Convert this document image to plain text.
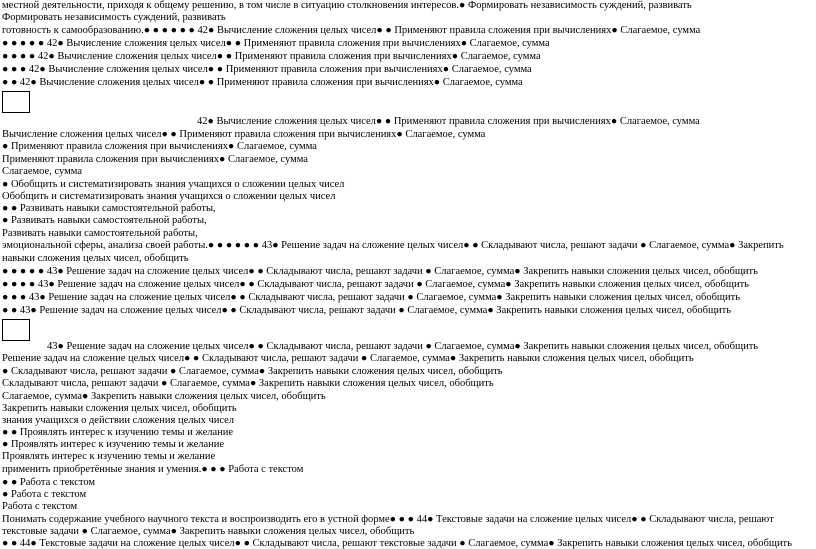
местной деятельности, приходя к общему решению, в том числе в ситуацию столкновения интересов.● Формировать независимость суждений, развивать
Формировать независимость суждений, развивать
готовность к самообразованию.● ● ● ● ● ● 42● Вычисление сложения целых чисел● ● Применяют правила сложения при вычислениях● Слагаемое, сумма
● ● ● ● ● 42● Вычисление сложения целых чисел● ● Применяют правила сложения при вычислениях● Слагаемое, сумма
● ● ● ● 42● Вычисление сложения целых чисел● ● Применяют правила сложения при вычислениях● Слагаемое, сумма
● ● ● 42● Вычисление сложения целых чисел● ● Применяют правила сложения при вычислениях● Слагаемое, сумма
● ● 42● Вычисление сложения целых чисел● ● Применяют правила сложения при вычислениях● Слагаемое, сумма
42● Вычисление сложения целых чисел● ● Применяют правила сложения при вычислениях● Слагаемое, сумма
Вычисление сложения целых чисел● ● Применяют правила сложения при вычислениях● Слагаемое, сумма
● Применяют правила сложения при вычислениях● Слагаемое, сумма
Применяют правила сложения при вычислениях● Слагаемое, сумма
Слагаемое, сумма
● Обобщить и систематизировать знания учащихся о сложении целых чисел
Обобщить и систематизировать знания учащихся о сложении целых чисел
● ● Развивать навыки самостоятельной работы,
● Развивать навыки самостоятельной работы,
Развивать навыки самостоятельной работы,
эмоциональной сферы, анализа своей работы.● ● ● ● ● ● 43● Решение задач на сложение целых чисел● ● Складывают числа, решают задачи ● Слагаемое, сумма● Закрепить
навыки сложения целых чисел, обобщить
● ● ● ● ● 43● Решение задач на сложение целых чисел● ● Складывают числа, решают задачи ● Слагаемое, сумма● Закрепить навыки сложения целых чисел, обобщить
● ● ● ● 43● Решение задач на сложение целых чисел● ● Складывают числа, решают задачи ● Слагаемое, сумма● Закрепить навыки сложения целых чисел, обобщить
● ● ● 43● Решение задач на сложение целых чисел● ● Складывают числа, решают задачи ● Слагаемое, сумма● Закрепить навыки сложения целых чисел, обобщить
● ● 43● Решение задач на сложение целых чисел● ● Складывают числа, решают задачи ● Слагаемое, сумма● Закрепить навыки сложения целых чисел, обобщить
43● Решение задач на сложение целых чисел● ● Складывают числа, решают задачи ● Слагаемое, сумма● Закрепить навыки сложения целых чисел, обобщить
Решение задач на сложение целых чисел● ● Складывают числа, решают задачи ● Слагаемое, сумма● Закрепить навыки сложения целых чисел, обобщить
● Складывают числа, решают задачи ● Слагаемое, сумма● Закрепить навыки сложения целых чисел, обобщить
Складывают числа, решают задачи ● Слагаемое, сумма● Закрепить навыки сложения целых чисел, обобщить
Слагаемое, сумма● Закрепить навыки сложения целых чисел, обобщить
Закрепить навыки сложения целых чисел, обобщить
знания учащихся о действии сложения целых чисел
● ● Проявлять интерес к изучению темы и желание
● Проявлять интерес к изучению темы и желание
Проявлять интерес к изучению темы и желание
применить приобретённые знания и умения.● ● ● Работа с текстом
● ● Работа с текстом
● Работа с текстом
Работа с текстом
Понимать содержание учебного научного текста и воспроизводить его в устной форме● ● ● 44● Текстовые задачи на сложение целых чисел● ● Складывают числа, решают
текстовые задачи ● Слагаемое, сумма● Закрепить навыки сложения целых чисел, обобщить
● ● 44● Текстовые задачи на сложение целых чисел● ● Складывают числа, решают текстовые задачи ● Слагаемое, сумма● Закрепить навыки сложения целых чисел, обобщить
